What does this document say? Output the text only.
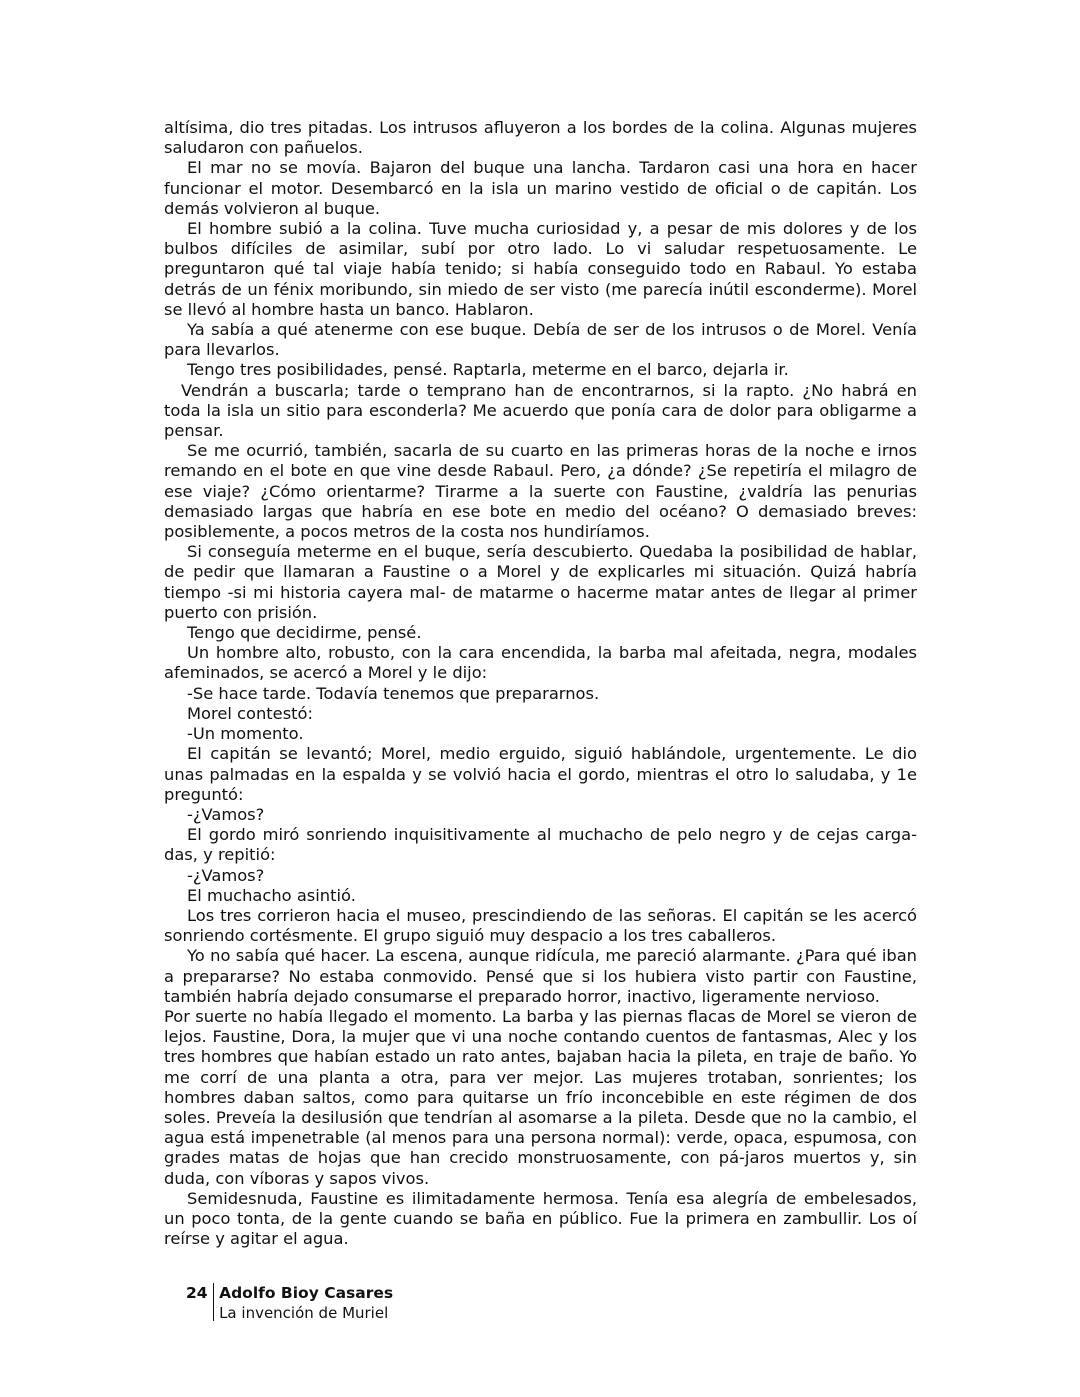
altísima, dio tres pitadas. Los intrusos afluyeron a los bordes de la colina. Algunas mujeres saludaron con pañuelos.

El mar no se movía. Bajaron del buque una lancha. Tardaron casi una hora en hacer funcionar el motor. Desembarcó en la isla un marino vestido de oficial o de capitán. Los demás volvieron al buque.

El hombre subió a la colina. Tuve mucha curiosidad y, a pesar de mis dolores y de los bulbos difíciles de asimilar, subí por otro lado. Lo vi saludar respetuosamente. Le preguntaron qué tal viaje había tenido; si había conseguido todo en Rabaul. Yo estaba detrás de un fénix moribundo, sin miedo de ser visto (me parecía inútil esconderme). Morel se llevó al hombre hasta un banco. Hablaron.

Ya sabía a qué atenerme con ese buque. Debía de ser de los intrusos o de Morel. Venía para llevarlos.

Tengo tres posibilidades, pensé. Raptarla, meterme en el barco, dejarla ir.

Vendrán a buscarla; tarde o temprano han de encontrarnos, si la rapto. ¿No habrá en toda la isla un sitio para esconderla? Me acuerdo que ponía cara de dolor para obligarme a pensar.

Se me ocurrió, también, sacarla de su cuarto en las primeras horas de la noche e irnos remando en el bote en que vine desde Rabaul. Pero, ¿a dónde? ¿Se repetiría el milagro de ese viaje? ¿Cómo orientarme? Tirarme a la suerte con Faustine, ¿valdría las penurias demasiado largas que habría en ese bote en medio del océano? O demasiado breves: posiblemente, a pocos metros de la costa nos hundiríamos.

Si conseguía meterme en el buque, sería descubierto. Quedaba la posibilidad de hablar, de pedir que llamaran a Faustine o a Morel y de explicarles mi situación. Quizá habría tiempo -si mi historia cayera mal- de matarme o hacerme matar antes de llegar al primer puerto con prisión.

Tengo que decidirme, pensé.

Un hombre alto, robusto, con la cara encendida, la barba mal afeitada, negra, modales afeminados, se acercó a Morel y le dijo:

-Se hace tarde. Todavía tenemos que prepararnos.

Morel contestó:

-Un momento.

El capitán se levantó; Morel, medio erguido, siguió hablándole, urgentemente. Le dio unas palmadas en la espalda y se volvió hacia el gordo, mientras el otro lo saludaba, y 1e preguntó:

-¿Vamos?

El gordo miró sonriendo inquisitivamente al muchacho de pelo negro y de cejas carga-das, y repitió:

-¿Vamos?

El muchacho asintió.

Los tres corrieron hacia el museo, prescindiendo de las señoras. El capitán se les acercó sonriendo cortésmente. El grupo siguió muy despacio a los tres caballeros.

Yo no sabía qué hacer. La escena, aunque ridícula, me pareció alarmante. ¿Para qué iban a prepararse? No estaba conmovido. Pensé que si los hubiera visto partir con Faustine, también habría dejado consumarse el preparado horror, inactivo, ligeramente nervioso.

Por suerte no había llegado el momento. La barba y las piernas flacas de Morel se vieron de lejos. Faustine, Dora, la mujer que vi una noche contando cuentos de fantasmas, Alec y los tres hombres que habían estado un rato antes, bajaban hacia la pileta, en traje de baño. Yo me corrí de una planta a otra, para ver mejor. Las mujeres trotaban, sonrientes; los hombres daban saltos, como para quitarse un frío inconcebible en este régimen de dos soles. Preveía la desilusión que tendrían al asomarse a la pileta. Desde que no la cambio, el agua está impenetrable (al menos para una persona normal): verde, opaca, espumosa, con grades matas de hojas que han crecido monstruosamente, con pá-jaros muertos y, sin duda, con víboras y sapos vivos.

Semidesnuda, Faustine es ilimitadamente hermosa. Tenía esa alegría de embelesados, un poco tonta, de la gente cuando se baña en público. Fue la primera en zambullir. Los oí reírse y agitar el agua.

24 Adolfo Bioy Casares
La invención de Muriel
